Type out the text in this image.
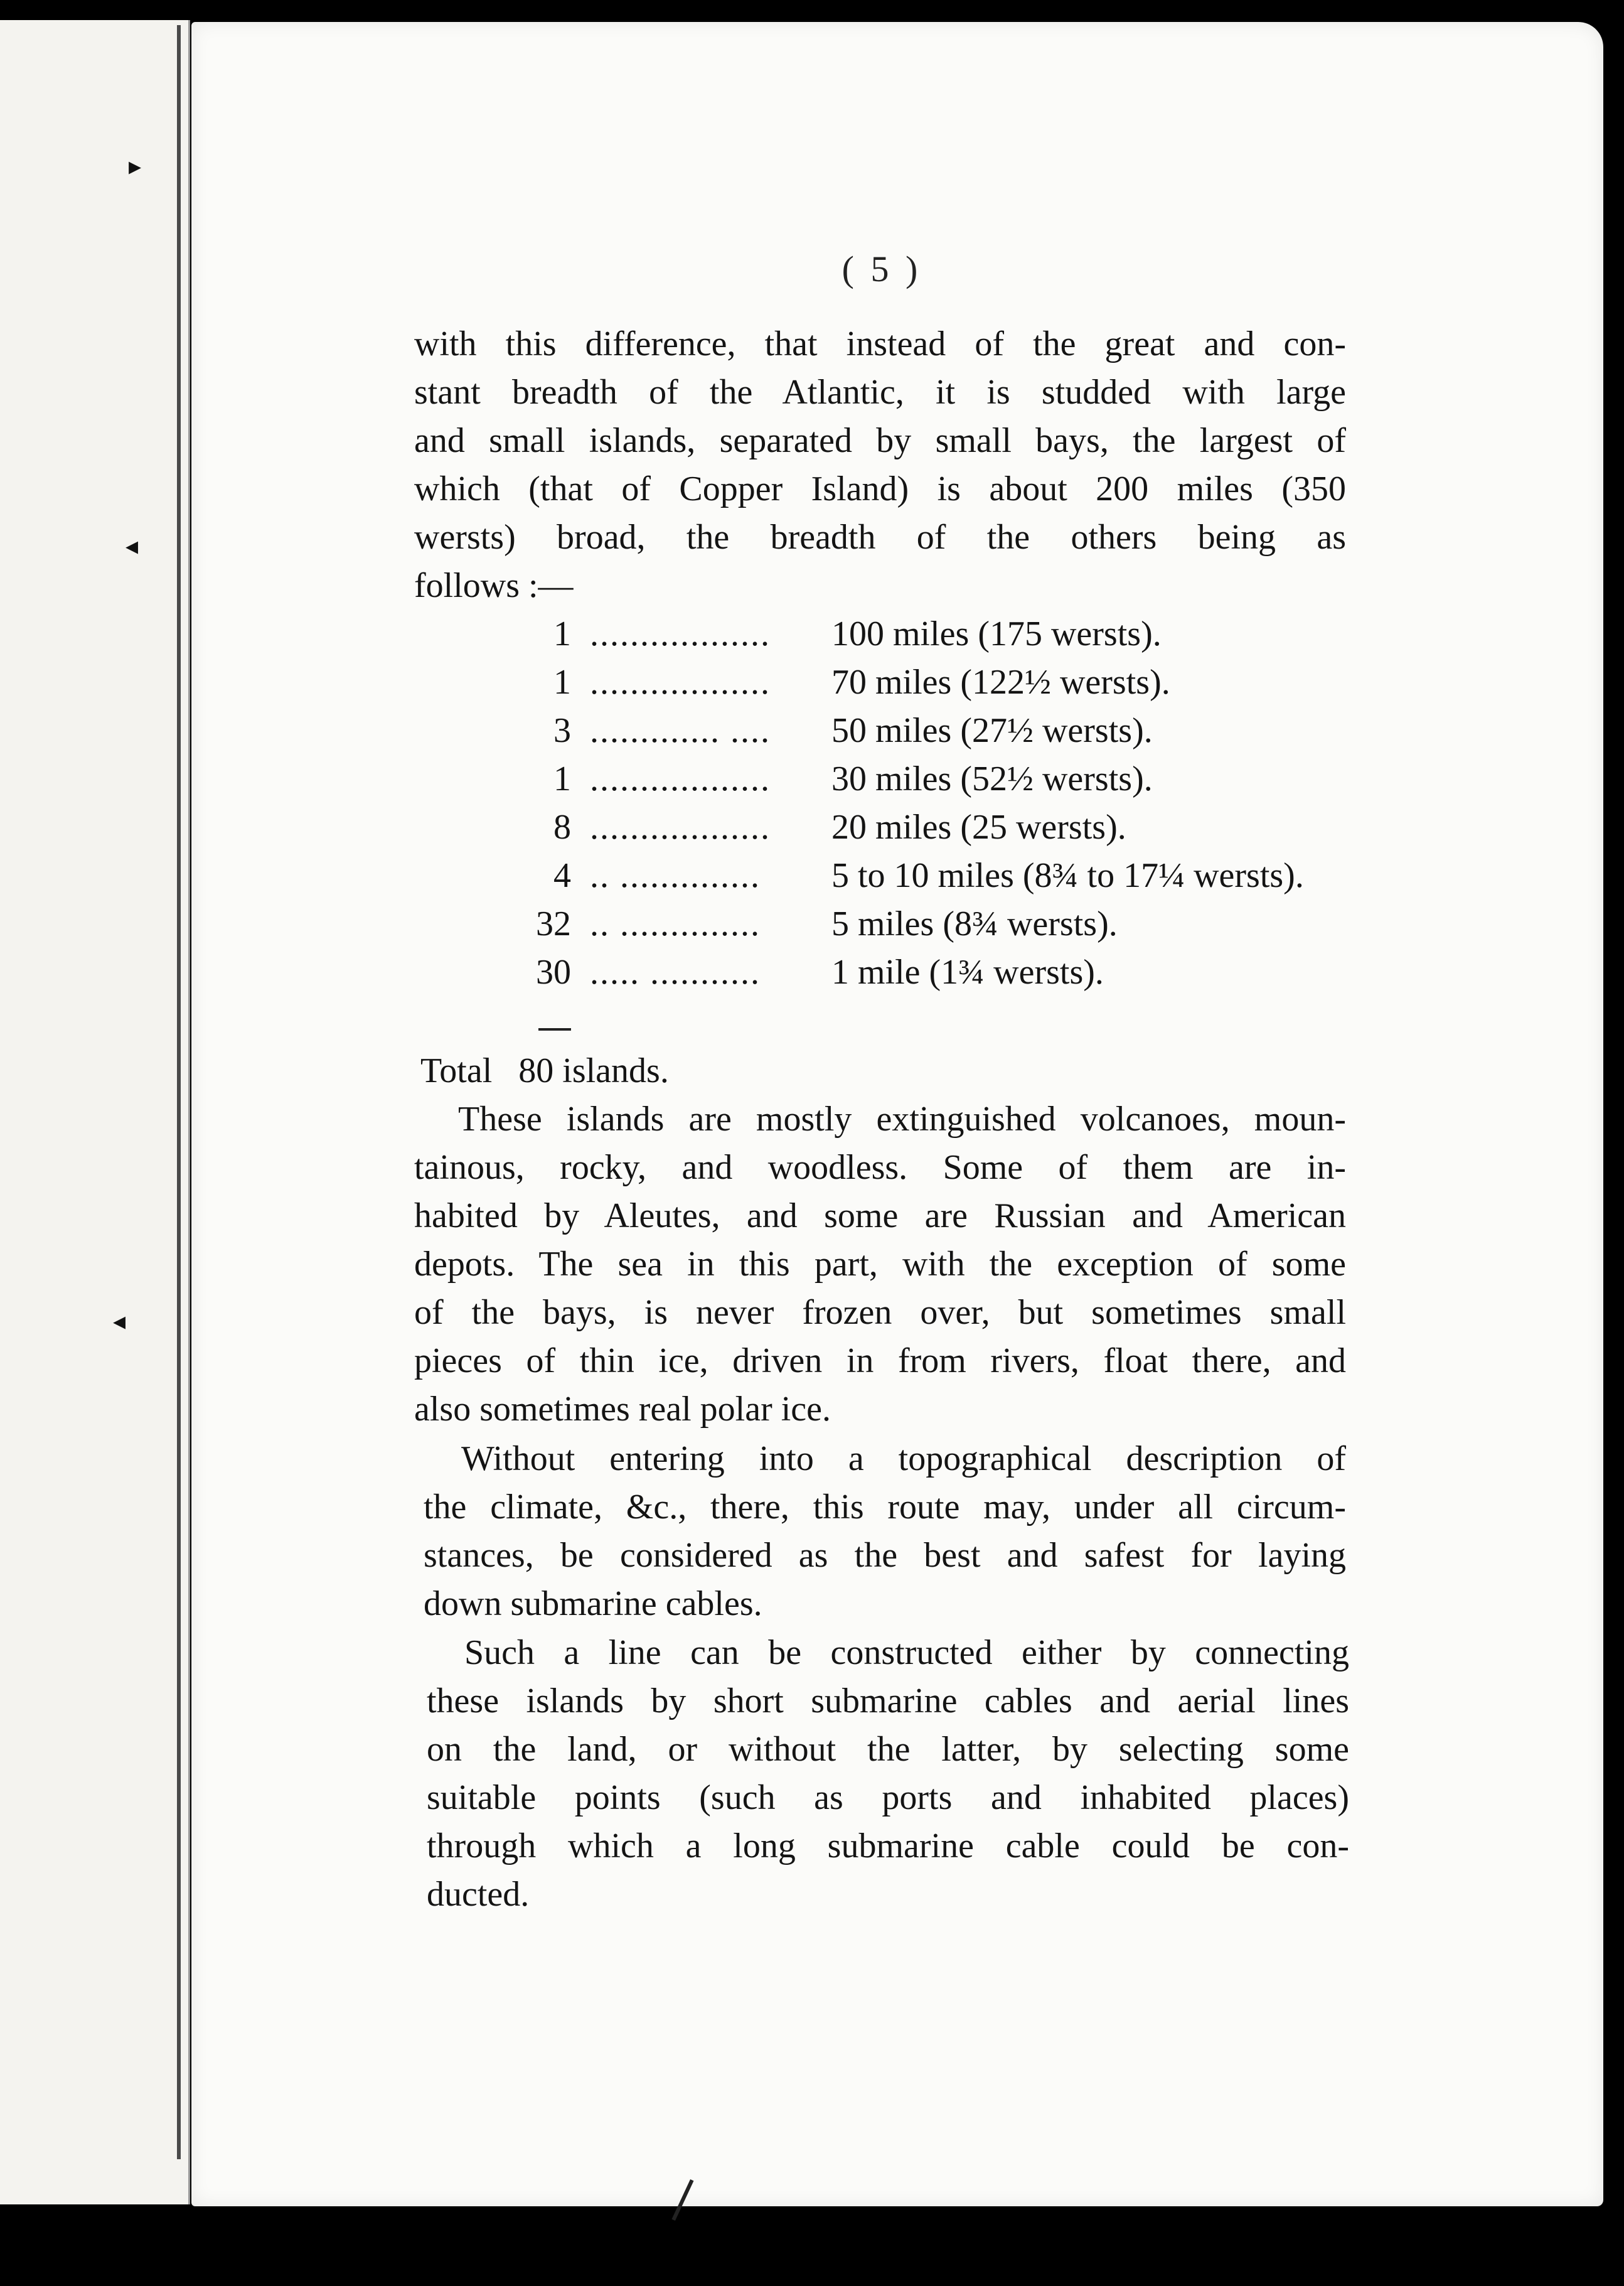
▸
◂
◂
( 5 )
with this difference, that instead of the great and con-
stant breadth of the Atlantic, it is studded with large
and small islands, separated by small bays, the largest of
which (that of Copper Island) is about 200 miles (350
wersts) broad, the breadth of the others being as
follows :—
1 .................. 100 miles (175 wersts).
1 .................. 70 miles (122½ wersts).
3 ............. .... 50 miles (27½ wersts).
1 .................. 30 miles (52½ wersts).
8 .................. 20 miles (25 wersts).
4 .. .............. 5 to 10 miles (8¾ to 17¼ wersts).
32 .. .............. 5 miles (8¾ wersts).
30 ..... ........... 1 mile (1¾ wersts).
Total   80 islands.
These islands are mostly extinguished volcanoes, moun-
tainous, rocky, and woodless. Some of them are in-
habited by Aleutes, and some are Russian and American
depots. The sea in this part, with the exception of some
of the bays, is never frozen over, but sometimes small
pieces of thin ice, driven in from rivers, float there, and
also sometimes real polar ice.
Without entering into a topographical description of
the climate, &c., there, this route may, under all circum-
stances, be considered as the best and safest for laying
down submarine cables.
Such a line can be constructed either by connecting
these islands by short submarine cables and aerial lines
on the land, or without the latter, by selecting some
suitable points (such as ports and inhabited places)
through which a long submarine cable could be con-
ducted.
